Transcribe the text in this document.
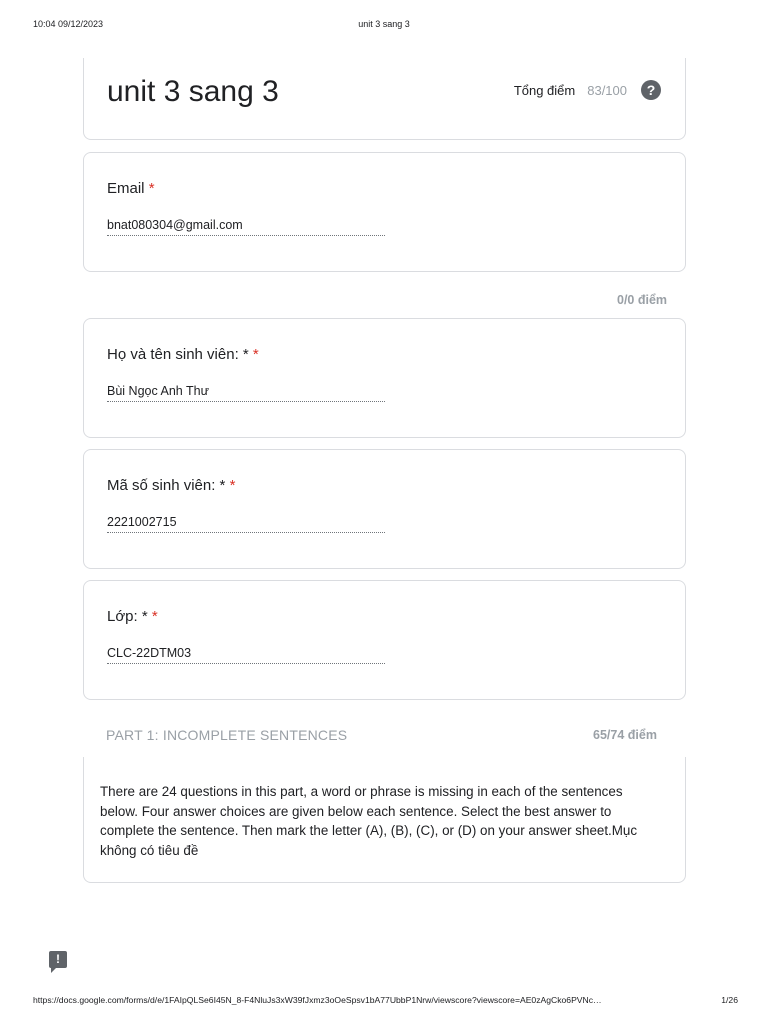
10:04 09/12/2023	unit 3 sang 3
unit 3 sang 3	Tổng điểm 83/100	?
Email *
bnat080304@gmail.com
0/0 điểm
Họ và tên sinh viên: * *
Bùi Ngọc Anh Thư
Mã số sinh viên: * *
2221002715
Lớp: * *
CLC-22DTM03
PART 1: INCOMPLETE SENTENCES	65/74 điểm
There are 24 questions in this part, a word or phrase is missing in each of the sentences below. Four answer choices are given below each sentence. Select the best answer to complete the sentence. Then mark the letter (A), (B), (C), or (D) on your answer sheet.Mục không có tiêu đề
!
https://docs.google.com/forms/d/e/1FAIpQLSe6I45N_8-F4NluJs3xW39fJxmz3oOeSpsv1bA77UbbP1Nrw/viewscore?viewscore=AE0zAgCko6PVNc…	1/26
